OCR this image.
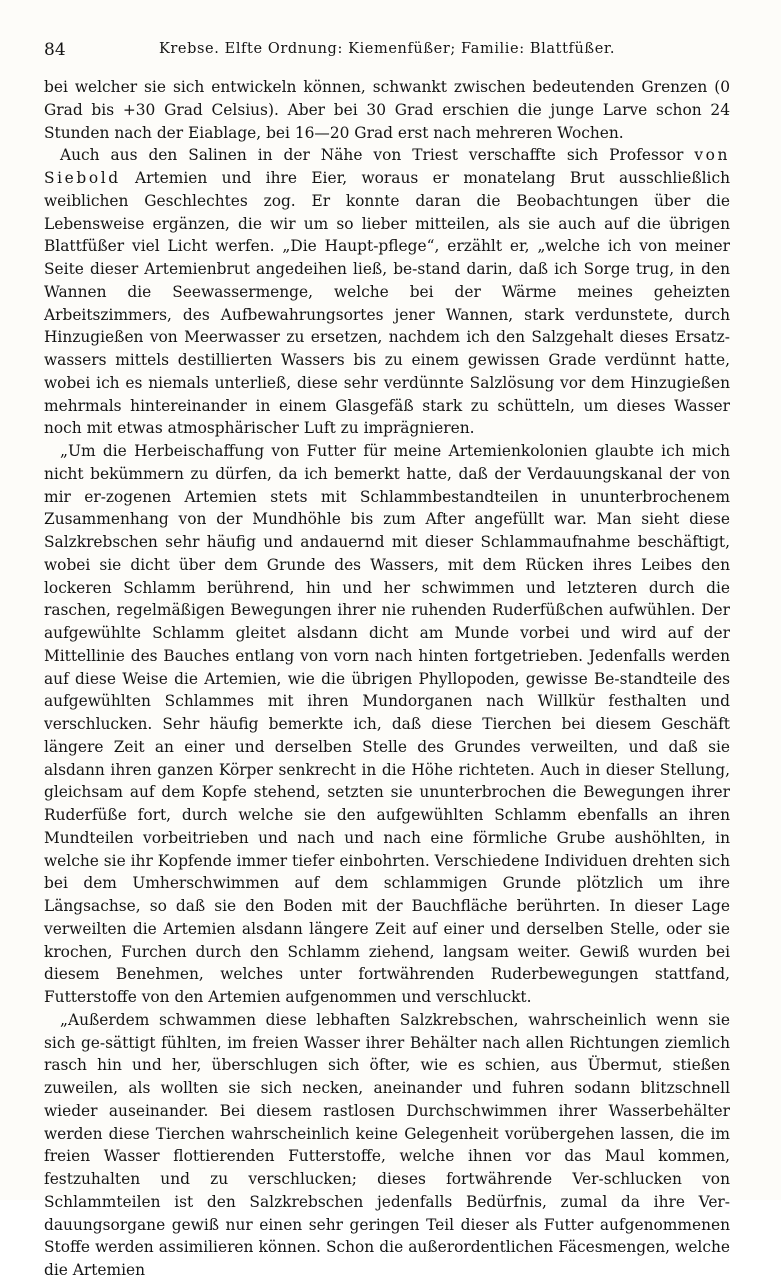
84	Krebse. Elfte Ordnung: Kiemenfüßer; Familie: Blattfüßer.

bei welcher sie sich entwickeln können, schwankt zwischen bedeutenden Grenzen (0 Grad bis +30 Grad Celsius). Aber bei 30 Grad erschien die junge Larve schon 24 Stunden nach der Eiablage, bei 16—20 Grad erst nach mehreren Wochen.

Auch aus den Salinen in der Nähe von Triest verschaffte sich Professor von Siebold Artemien und ihre Eier, woraus er monatelang Brut ausschließlich weiblichen Geschlechtes zog. Er konnte daran die Beobachtungen über die Lebensweise ergänzen, die wir um so lieber mitteilen, als sie auch auf die übrigen Blattfüßer viel Licht werfen. „Die Haupt-pflege“, erzählt er, „welche ich von meiner Seite dieser Artemienbrut angedeihen ließ, be-stand darin, daß ich Sorge trug, in den Wannen die Seewassermenge, welche bei der Wärme meines geheizten Arbeitszimmers, des Aufbewahrungsortes jener Wannen, stark verdunstete, durch Hinzugießen von Meerwasser zu ersetzen, nachdem ich den Salzgehalt dieses Ersatz-wassers mittels destillierten Wassers bis zu einem gewissen Grade verdünnt hatte, wobei ich es niemals unterließ, diese sehr verdünnte Salzlösung vor dem Hinzugießen mehrmals hintereinander in einem Glasgefäß stark zu schütteln, um dieses Wasser noch mit etwas atmosphärischer Luft zu imprägnieren.

„Um die Herbeischaffung von Futter für meine Artemienkolonien glaubte ich mich nicht bekümmern zu dürfen, da ich bemerkt hatte, daß der Verdauungskanal der von mir er-zogenen Artemien stets mit Schlammbestandteilen in ununterbrochenem Zusammenhang von der Mundhöhle bis zum After angefüllt war. Man sieht diese Salzkrebschen sehr häufig und andauernd mit dieser Schlammaufnahme beschäftigt, wobei sie dicht über dem Grunde des Wassers, mit dem Rücken ihres Leibes den lockeren Schlamm berührend, hin und her schwimmen und letzteren durch die raschen, regelmäßigen Bewegungen ihrer nie ruhenden Ruderfüßchen aufwühlen. Der aufgewühlte Schlamm gleitet alsdann dicht am Munde vorbei und wird auf der Mittellinie des Bauches entlang von vorn nach hinten fortgetrieben. Jedenfalls werden auf diese Weise die Artemien, wie die übrigen Phyllopoden, gewisse Be-standteile des aufgewühlten Schlammes mit ihren Mundorganen nach Willkür festhalten und verschlucken. Sehr häufig bemerkte ich, daß diese Tierchen bei diesem Geschäft längere Zeit an einer und derselben Stelle des Grundes verweilten, und daß sie alsdann ihren ganzen Körper senkrecht in die Höhe richteten. Auch in dieser Stellung, gleichsam auf dem Kopfe stehend, setzten sie ununterbrochen die Bewegungen ihrer Ruderfüße fort, durch welche sie den aufgewühlten Schlamm ebenfalls an ihren Mundteilen vorbeitrieben und nach und nach eine förmliche Grube aushöhlten, in welche sie ihr Kopfende immer tiefer einbohrten. Verschiedene Individuen drehten sich bei dem Umherschwimmen auf dem schlammigen Grunde plötzlich um ihre Längsachse, so daß sie den Boden mit der Bauchfläche berührten. In dieser Lage verweilten die Artemien alsdann längere Zeit auf einer und derselben Stelle, oder sie krochen, Furchen durch den Schlamm ziehend, langsam weiter. Gewiß wurden bei diesem Benehmen, welches unter fortwährenden Ruderbewegungen stattfand, Futterstoffe von den Artemien aufgenommen und verschluckt.

„Außerdem schwammen diese lebhaften Salzkrebschen, wahrscheinlich wenn sie sich ge-sättigt fühlten, im freien Wasser ihrer Behälter nach allen Richtungen ziemlich rasch hin und her, überschlugen sich öfter, wie es schien, aus Übermut, stießen zuweilen, als wollten sie sich necken, aneinander und fuhren sodann blitzschnell wieder auseinander. Bei diesem rastlosen Durchschwimmen ihrer Wasserbehälter werden diese Tierchen wahrscheinlich keine Gelegenheit vorübergehen lassen, die im freien Wasser flottierenden Futterstoffe, welche ihnen vor das Maul kommen, festzuhalten und zu verschlucken; dieses fortwährende Ver-schlucken von Schlammteilen ist den Salzkrebschen jedenfalls Bedürfnis, zumal da ihre Ver-dauungsorgane gewiß nur einen sehr geringen Teil dieser als Futter aufgenommenen Stoffe werden assimilieren können. Schon die außerordentlichen Fäcesmengen, welche die Artemien
